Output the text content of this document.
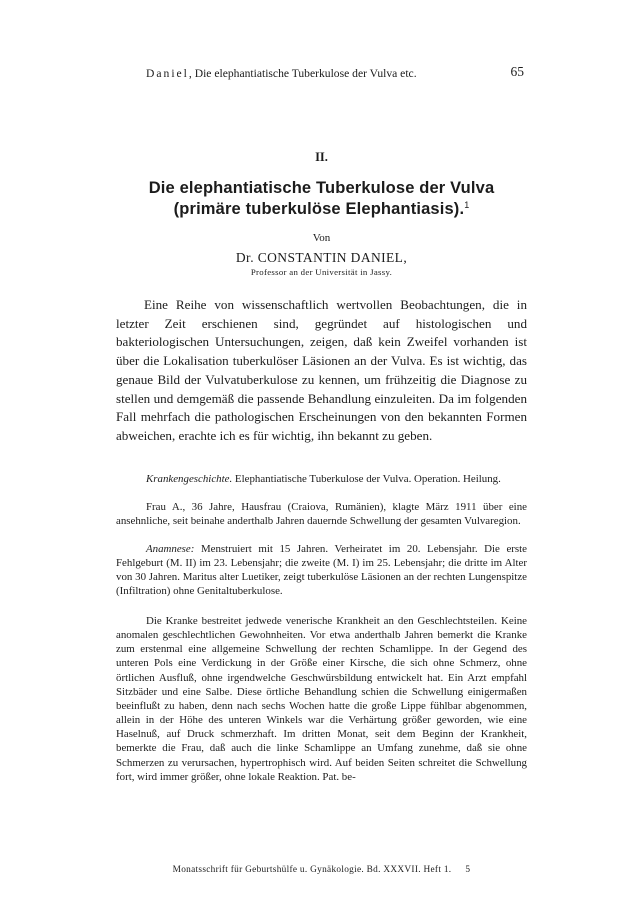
Daniel, Die elephantiatische Tuberkulose der Vulva etc.	65
II.
Die elephantiatische Tuberkulose der Vulva
(primäre tuberkulöse Elephantiasis).$^1$
Von
Dr. CONSTANTIN DANIEL,
Professor an der Universität in Jassy.

Eine Reihe von wissenschaftlich wertvollen Beobachtungen, die in letzter Zeit erschienen sind, gegründet auf histologischen und bakteriologischen Untersuchungen, zeigen, daß kein Zweifel vorhanden ist über die Lokalisation tuberkulöser Läsionen an der Vulva. Es ist wichtig, das genaue Bild der Vulvatuberkulose zu kennen, um frühzeitig die Diagnose zu stellen und demgemäß die passende Behandlung einzuleiten. Da im folgenden Fall mehrfach die pathologischen Erscheinungen von den bekannten Formen abweichen, erachte ich es für wichtig, ihn bekannt zu geben.

Krankengeschichte. Elephantiatische Tuberkulose der Vulva. Operation. Heilung.

Frau A., 36 Jahre, Hausfrau (Craiova, Rumänien), klagte März 1911 über eine ansehnliche, seit beinahe anderthalb Jahren dauernde Schwellung der gesamten Vulvaregion.

Anamnese: Menstruiert mit 15 Jahren. Verheiratet im 20. Lebensjahr. Die erste Fehlgeburt (M. II) im 23. Lebensjahr; die zweite (M. I) im 25. Lebensjahr; die dritte im Alter von 30 Jahren. Maritus alter Luetiker, zeigt tuberkulöse Läsionen an der rechten Lungenspitze (Infiltration) ohne Genitaltuberkulose.

Die Kranke bestreitet jedwede venerische Krankheit an den Geschlechtsteilen. Keine anomalen geschlechtlichen Gewohnheiten. Vor etwa anderthalb Jahren bemerkt die Kranke zum erstenmal eine allgemeine Schwellung der rechten Schamlippe. In der Gegend des unteren Pols eine Verdickung in der Größe einer Kirsche, die sich ohne Schmerz, ohne örtlichen Ausfluß, ohne irgendwelche Geschwürsbildung entwickelt hat. Ein Arzt empfahl Sitzbäder und eine Salbe. Diese örtliche Behandlung schien die Schwellung einigermaßen beeinflußt zu haben, denn nach sechs Wochen hatte die große Lippe fühlbar abgenommen, allein in der Höhe des unteren Winkels war die Verhärtung größer geworden, wie eine Haselnuß, auf Druck schmerzhaft. Im dritten Monat, seit dem Beginn der Krankheit, bemerkte die Frau, daß auch die linke Schamlippe an Umfang zunehme, daß sie ohne Schmerzen zu verursachen, hypertrophisch wird. Auf beiden Seiten schreitet die Schwellung fort, wird immer größer, ohne lokale Reaktion. Pat. be-

Monatsschrift für Geburtshülfe u. Gynäkologie. Bd. XXXVII. Heft 1. 5
